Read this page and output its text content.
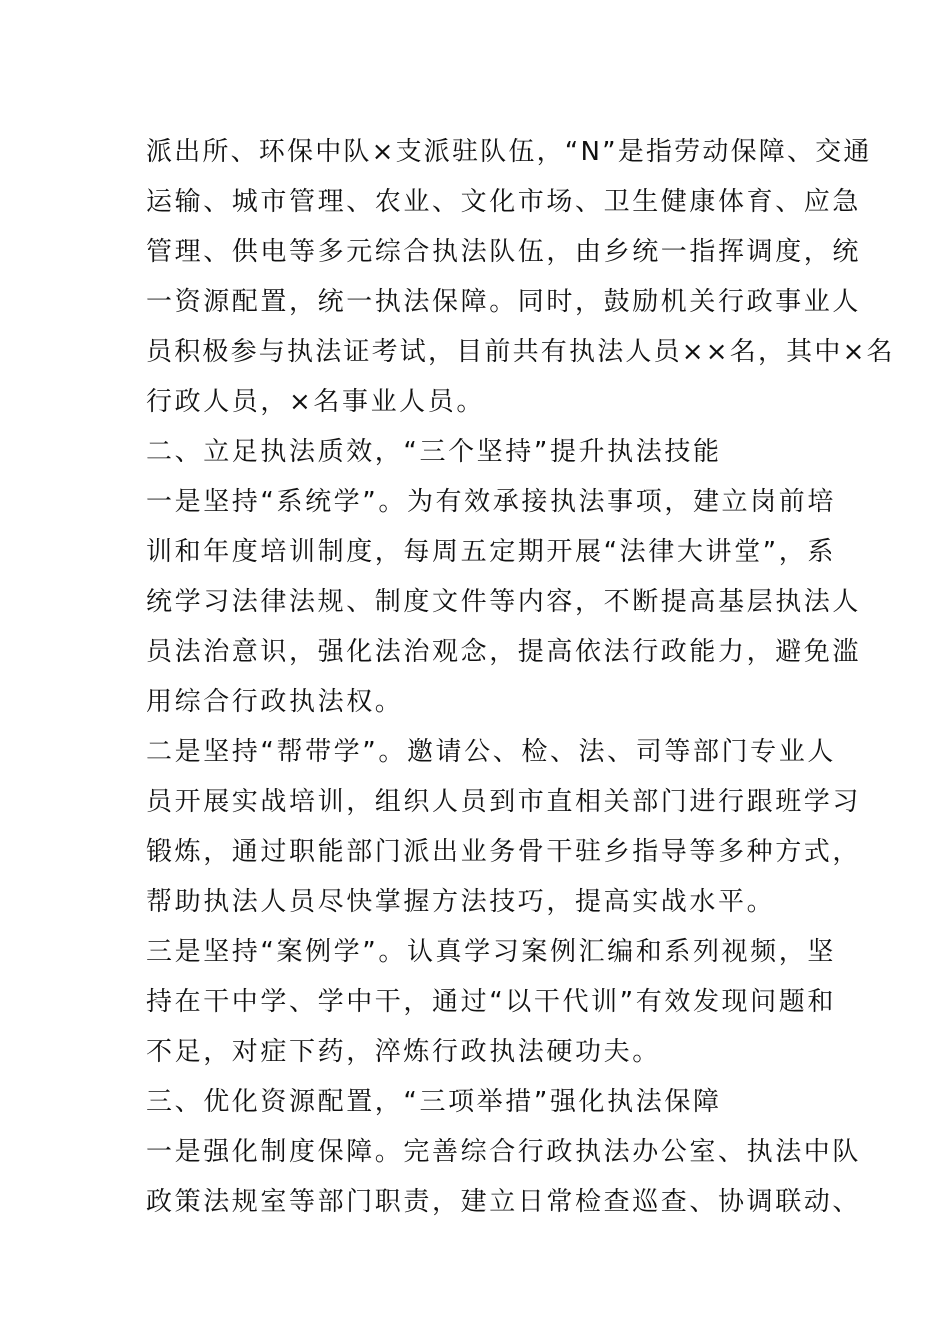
派出所、环保中队×支派驻队伍，“N”是指劳动保障、交通
运输、城市管理、农业、文化市场、卫生健康体育、应急
管理、供电等多元综合执法队伍，由乡统一指挥调度，统
一资源配置，统一执法保障。同时，鼓励机关行政事业人
员积极参与执法证考试，目前共有执法人员××名，其中×名
行政人员，×名事业人员。
二、立足执法质效，“三个坚持”提升执法技能
一是坚持“系统学”。为有效承接执法事项，建立岗前培
训和年度培训制度，每周五定期开展“法律大讲堂”，系
统学习法律法规、制度文件等内容，不断提高基层执法人
员法治意识，强化法治观念，提高依法行政能力，避免滥
用综合行政执法权。
二是坚持“帮带学”。邀请公、检、法、司等部门专业人
员开展实战培训，组织人员到市直相关部门进行跟班学习
锻炼，通过职能部门派出业务骨干驻乡指导等多种方式，
帮助执法人员尽快掌握方法技巧，提高实战水平。
三是坚持“案例学”。认真学习案例汇编和系列视频，坚
持在干中学、学中干，通过“以干代训”有效发现问题和
不足，对症下药，淬炼行政执法硬功夫。
三、优化资源配置，“三项举措”强化执法保障
一是强化制度保障。完善综合行政执法办公室、执法中队
政策法规室等部门职责，建立日常检查巡查、协调联动、
